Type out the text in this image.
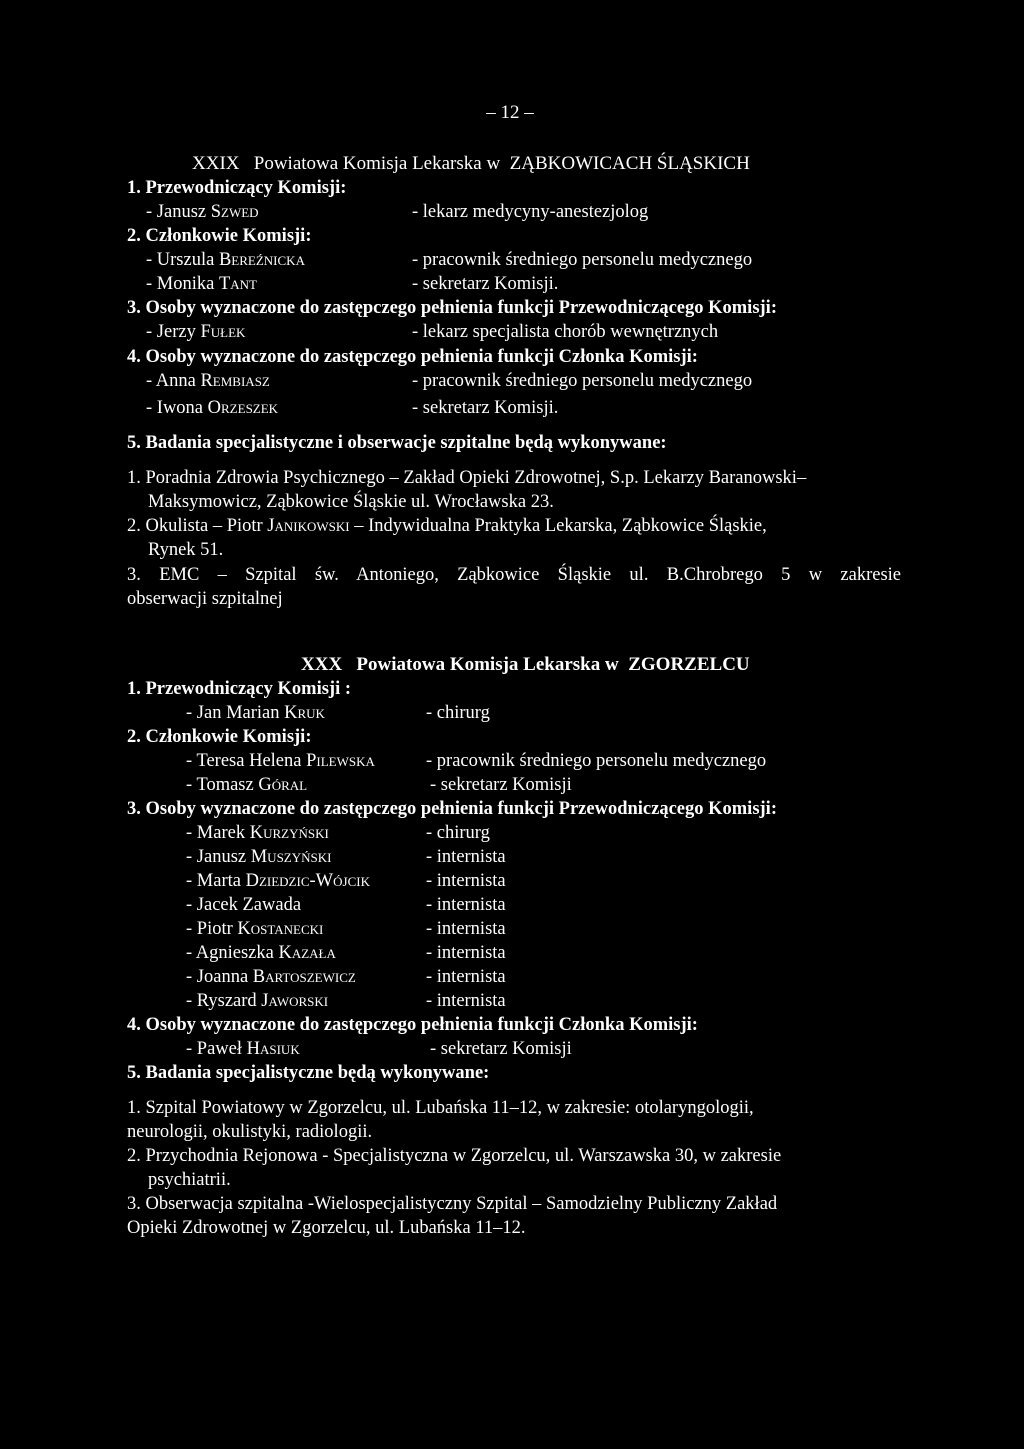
– 12 –
XXIX Powiatowa Komisja Lekarska w ZĄBKOWICACH ŚLĄSKICH
1. Przewodniczący Komisji:
- Janusz Szwed	- lekarz medycyny-anestezjolog
2. Członkowie Komisji:
- Urszula Bereźnicka	- pracownik średniego personelu medycznego
- Monika Tant	- sekretarz Komisji.
3. Osoby wyznaczone do zastępczego pełnienia funkcji Przewodniczącego Komisji:
- Jerzy Fułek	- lekarz specjalista chorób wewnętrznych
4. Osoby wyznaczone do zastępczego pełnienia funkcji Członka Komisji:
- Anna Rembiasz	- pracownik średniego personelu medycznego
- Iwona Orzeszek	- sekretarz Komisji.
5. Badania specjalistyczne i obserwacje szpitalne będą wykonywane:
1. Poradnia Zdrowia Psychicznego – Zakład Opieki Zdrowotnej, S.p. Lekarzy Baranowski–
Maksymowicz, Ząbkowice Śląskie ul. Wrocławska 23.
2. Okulista – Piotr Janikowski – Indywidualna Praktyka Lekarska, Ząbkowice Śląskie,
Rynek 51.
3. EMC – Szpital św. Antoniego, Ząbkowice Śląskie ul. B.Chrobrego 5 w zakresie
obserwacji szpitalnej
XXX Powiatowa Komisja Lekarska w ZGORZELCU
1. Przewodniczący Komisji :
- Jan Marian Kruk	- chirurg
2. Członkowie Komisji:
- Teresa Helena Pilewska	- pracownik średniego personelu medycznego
- Tomasz Góral	- sekretarz Komisji
3. Osoby wyznaczone do zastępczego pełnienia funkcji Przewodniczącego Komisji:
- Marek Kurzyński	- chirurg
- Janusz Muszyński	- internista
- Marta Dziedzic-Wójcik	- internista
- Jacek Zawada	- internista
- Piotr Kostanecki	- internista
- Agnieszka Kazała	- internista
- Joanna Bartoszewicz	- internista
- Ryszard Jaworski	- internista
4. Osoby wyznaczone do zastępczego pełnienia funkcji Członka Komisji:
- Paweł Hasiuk	- sekretarz Komisji
5. Badania specjalistyczne będą wykonywane:
1. Szpital Powiatowy w Zgorzelcu, ul. Lubańska 11–12, w zakresie: otolaryngologii,
neurologii, okulistyki, radiologii.
2. Przychodnia Rejonowa - Specjalistyczna w Zgorzelcu, ul. Warszawska 30, w zakresie
psychiatrii.
3. Obserwacja szpitalna -Wielospecjalistyczny Szpital – Samodzielny Publiczny Zakład
Opieki Zdrowotnej w Zgorzelcu, ul. Lubańska 11–12.
